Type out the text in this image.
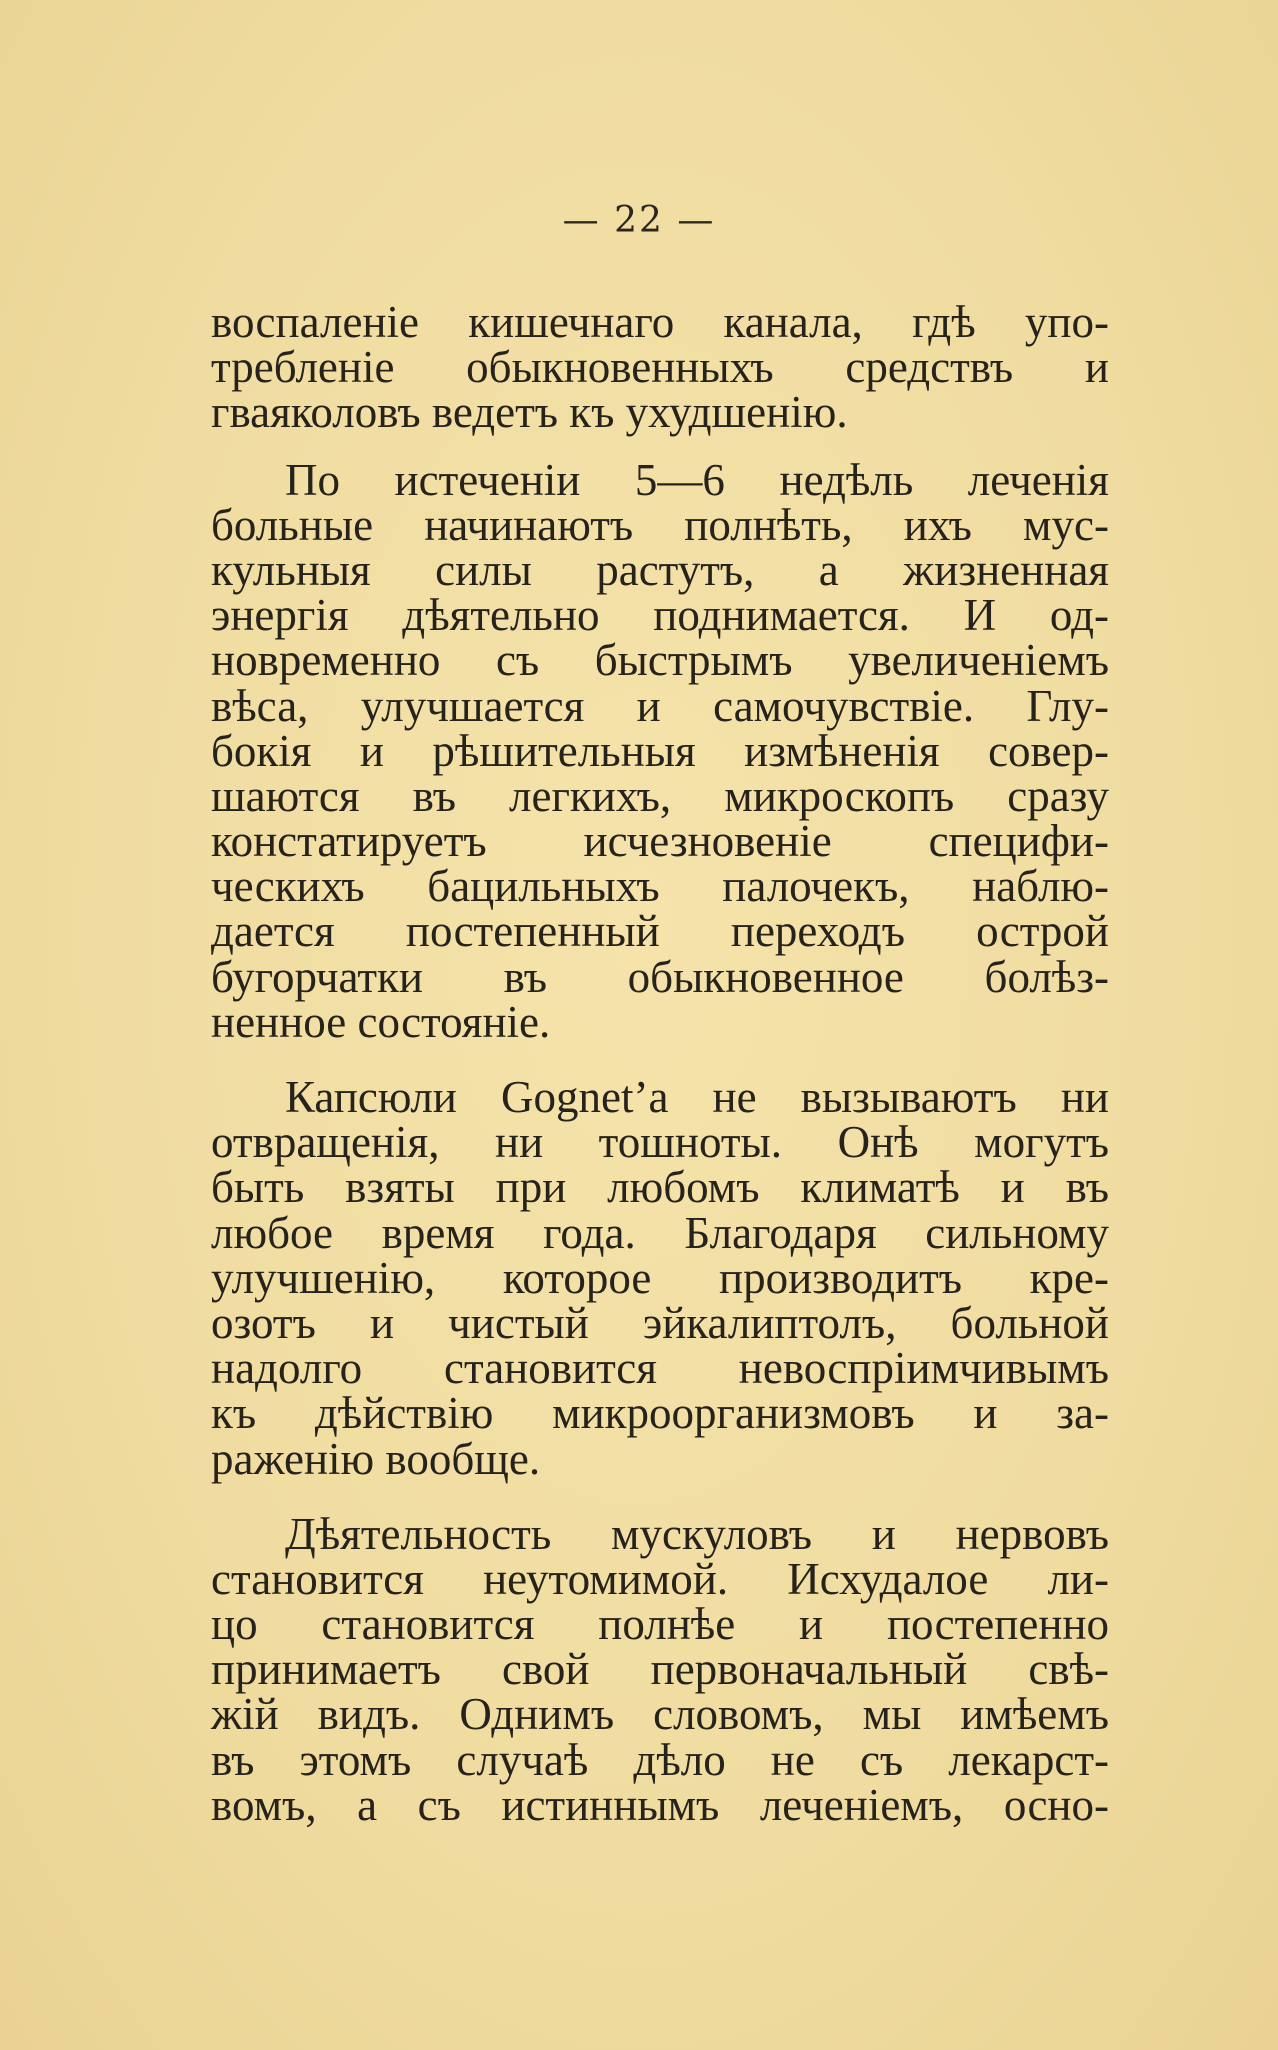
— 22 —
воспаленіе кишечнаго канала, гдѣ упо-
требленіе обыкновенныхъ средствъ и
гваяколовъ ведетъ къ ухудшенію.
По истеченіи 5—6 недѣль леченія
больные начинаютъ полнѣть, ихъ мус-
кульныя силы растутъ, а жизненная
энергія дѣятельно поднимается. И од-
новременно съ быстрымъ увеличеніемъ
вѣса, улучшается и самочувствіе. Глу-
бокія и рѣшительныя измѣненія совер-
шаются въ легкихъ, микроскопъ сразу
констатируетъ исчезновеніе специфи-
ческихъ бацильныхъ палочекъ, наблю-
дается постепенный переходъ острой
бугорчатки въ обыкновенное болѣз-
ненное состояніе.
Капсюли Gognet’а не вызываютъ ни
отвращенія, ни тошноты. Онѣ могутъ
быть взяты при любомъ климатѣ и въ
любое время года. Благодаря сильному
улучшенію, которое производитъ кре-
озотъ и чистый эйкалиптолъ, больной
надолго становится невоспріимчивымъ
къ дѣйствію микроорганизмовъ и за-
раженію вообще.
Дѣятельность мускуловъ и нервовъ
становится неутомимой. Исхудалое ли-
цо становится полнѣе и постепенно
принимаетъ свой первоначальный свѣ-
жій видъ. Однимъ словомъ, мы имѣемъ
въ этомъ случаѣ дѣло не съ лекарст-
вомъ, а съ истиннымъ леченіемъ, осно-
